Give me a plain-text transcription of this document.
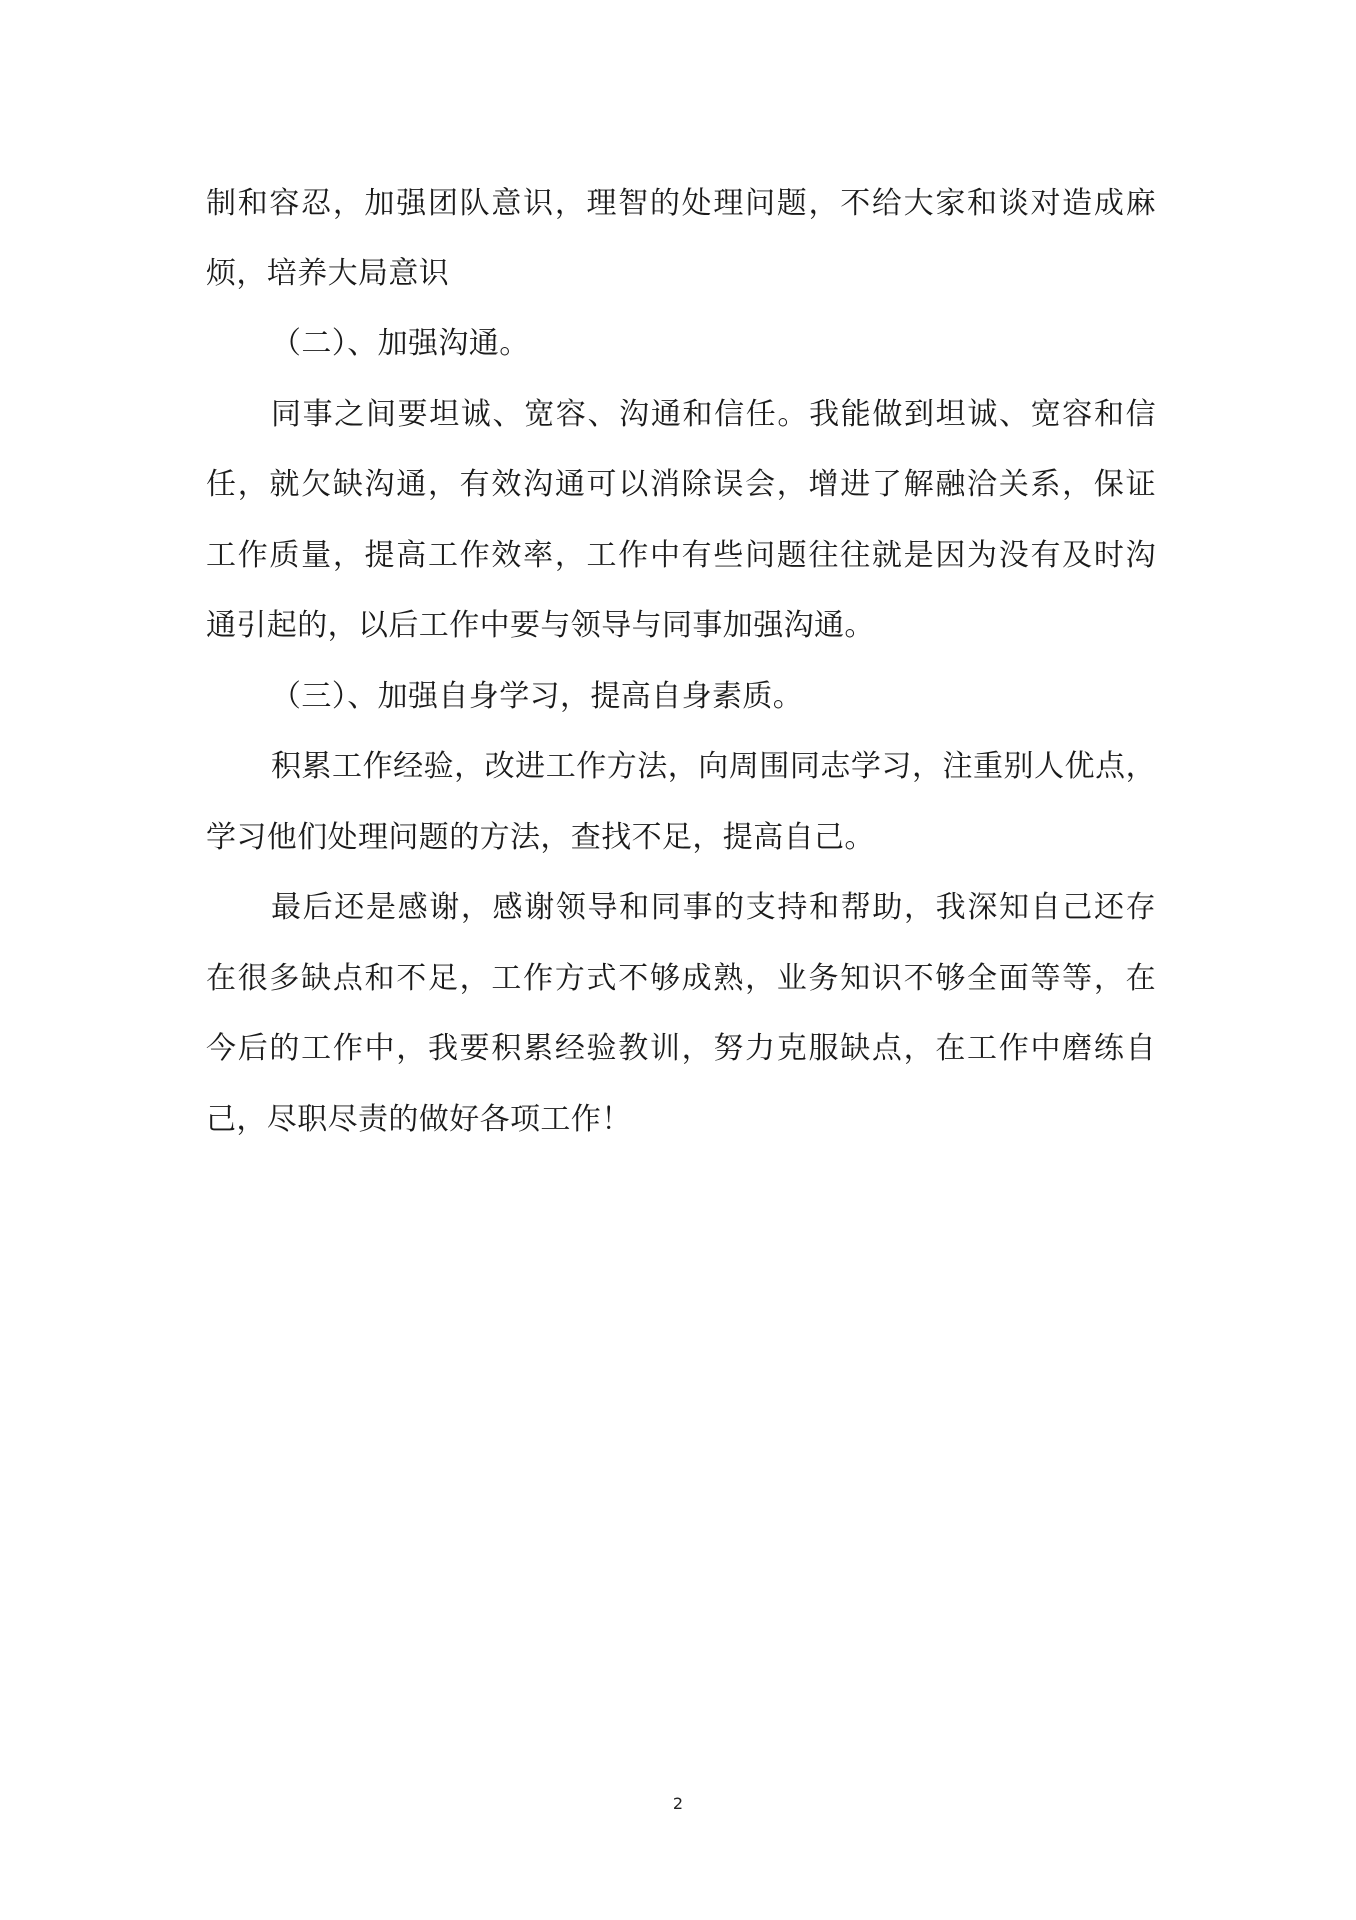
制和容忍，加强团队意识，理智的处理问题，不给大家和谈对造成麻
烦，培养大局意识
（二）、加强沟通。
同事之间要坦诚、宽容、沟通和信任。我能做到坦诚、宽容和信
任，就欠缺沟通，有效沟通可以消除误会，增进了解融洽关系，保证
工作质量，提高工作效率，工作中有些问题往往就是因为没有及时沟
通引起的，以后工作中要与领导与同事加强沟通。
（三）、加强自身学习，提高自身素质。
积累工作经验，改进工作方法，向周围同志学习，注重别人优点，
学习他们处理问题的方法，查找不足，提高自己。
最后还是感谢，感谢领导和同事的支持和帮助，我深知自己还存
在很多缺点和不足，工作方式不够成熟，业务知识不够全面等等，在
今后的工作中，我要积累经验教训，努力克服缺点，在工作中磨练自
己，尽职尽责的做好各项工作！
2
